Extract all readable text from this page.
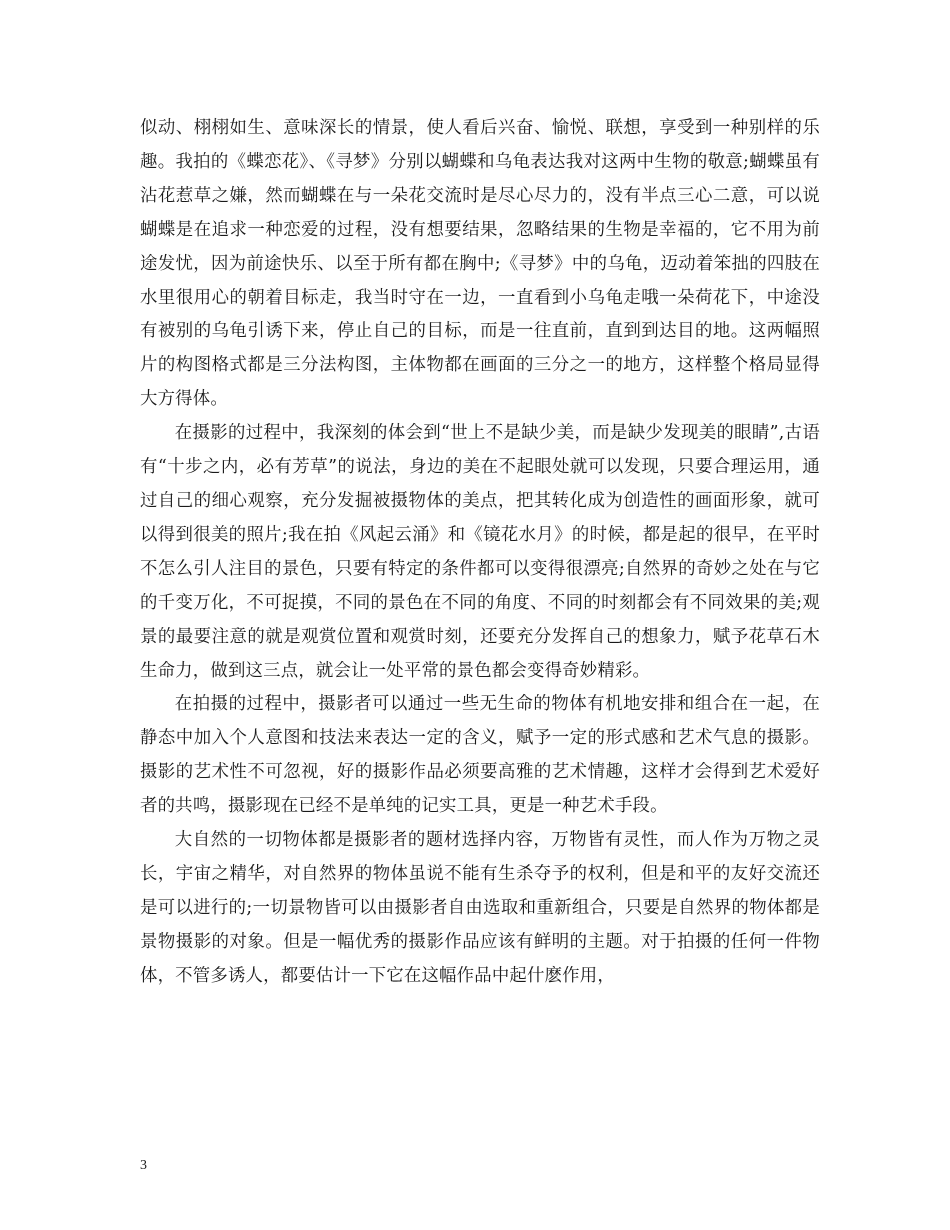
似动、栩栩如生、意味深长的情景，使人看后兴奋、愉悦、联想，享受到一种别样的乐趣。我拍的《蝶恋花》、《寻梦》分别以蝴蝶和乌龟表达我对这两中生物的敬意;蝴蝶虽有沾花惹草之嫌，然而蝴蝶在与一朵花交流时是尽心尽力的，没有半点三心二意，可以说蝴蝶是在追求一种恋爱的过程，没有想要结果，忽略结果的生物是幸福的，它不用为前途发忧，因为前途快乐、以至于所有都在胸中;《寻梦》中的乌龟，迈动着笨拙的四肢在水里很用心的朝着目标走，我当时守在一边，一直看到小乌龟走哦一朵荷花下，中途没有被别的乌龟引诱下来，停止自己的目标，而是一往直前，直到到达目的地。这两幅照片的构图格式都是三分法构图，主体物都在画面的三分之一的地方，这样整个格局显得大方得体。

在摄影的过程中，我深刻的体会到“世上不是缺少美，而是缺少发现美的眼睛”,古语有“十步之内，必有芳草”的说法，身边的美在不起眼处就可以发现，只要合理运用，通过自己的细心观察，充分发掘被摄物体的美点，把其转化成为创造性的画面形象，就可以得到很美的照片;我在拍《风起云涌》和《镜花水月》的时候，都是起的很早，在平时不怎么引人注目的景色，只要有特定的条件都可以变得很漂亮;自然界的奇妙之处在与它的千变万化，不可捉摸，不同的景色在不同的角度、不同的时刻都会有不同效果的美;观景的最要注意的就是观赏位置和观赏时刻，还要充分发挥自己的想象力，赋予花草石木生命力，做到这三点，就会让一处平常的景色都会变得奇妙精彩。

在拍摄的过程中，摄影者可以通过一些无生命的物体有机地安排和组合在一起，在静态中加入个人意图和技法来表达一定的含义，赋予一定的形式感和艺术气息的摄影。摄影的艺术性不可忽视，好的摄影作品必须要高雅的艺术情趣，这样才会得到艺术爱好者的共鸣，摄影现在已经不是单纯的记实工具，更是一种艺术手段。

大自然的一切物体都是摄影者的题材选择内容，万物皆有灵性，而人作为万物之灵长，宇宙之精华，对自然界的物体虽说不能有生杀夺予的权利，但是和平的友好交流还是可以进行的;一切景物皆可以由摄影者自由选取和重新组合，只要是自然界的物体都是景物摄影的对象。但是一幅优秀的摄影作品应该有鲜明的主题。对于拍摄的任何一件物体，不管多诱人，都要估计一下它在这幅作品中起什麽作用，

3
